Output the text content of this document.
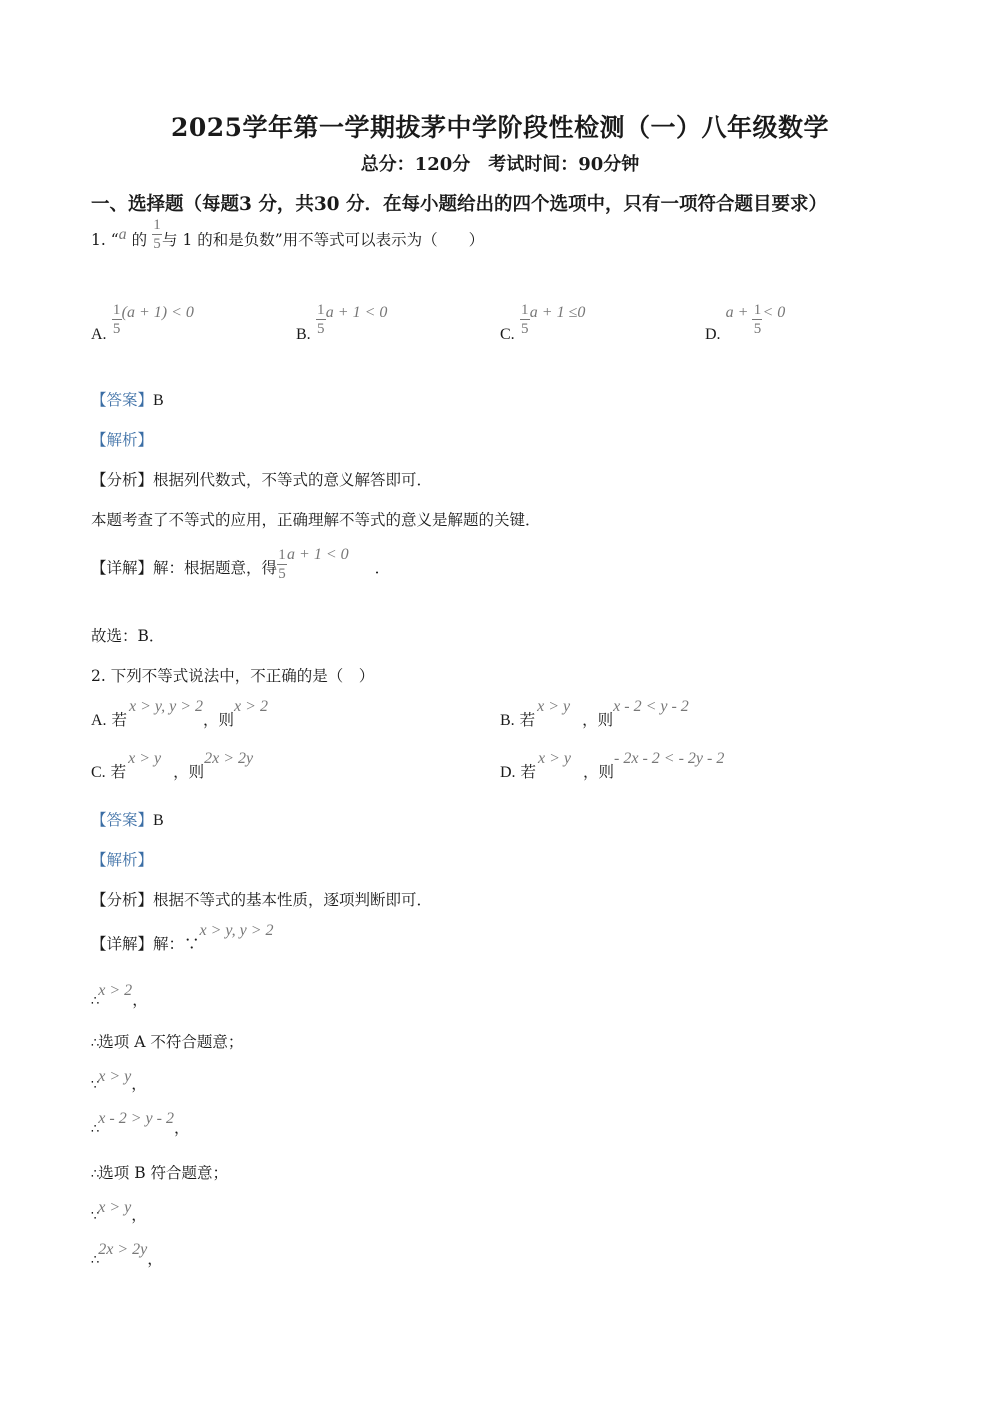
2025学年第一学期拔茅中学阶段性检测（一）八年级数学
总分：120分　考试时间：90分钟
一、选择题（每题3 分，共30 分．在每小题给出的四个选项中，只有一项符合题目要求）
1. “a 的 $\frac{1}{5}$ 与 1 的和是负数”用不等式可以表示为（　　）
A. $\frac{1}{5} (a + 1) < 0$
B. $\frac{1}{5}$ a + 1 < 0
C. $\frac{1}{5}$ a + 1 ≤0
D. $a + \frac{1}{5} < 0$
【答案】B
【解析】
【分析】根据列代数式，不等式的意义解答即可．
本题考查了不等式的应用，正确理解不等式的意义是解题的关键．
【详解】解：根据题意，得 $\frac{1}{5}$ a + 1 < 0．
故选：B．
2. 下列不等式说法中，不正确的是（　）
A. 若x > y, y > 2，则x > 2
B. 若x > y，则x - 2 < y - 2
C. 若x > y，则2x > 2y
D. 若x > y，则- 2x - 2 < - 2y - 2
【答案】B
【解析】
【分析】根据不等式的基本性质，逐项判断即可．
【详解】解：∵x > y, y > 2
$_\therefore$x > 2，
∴选项 A 不符合题意；
$_\because$x > y，
$_\therefore$x - 2 > y - 2，
∴选项 B 符合题意；
$_\because$x > y，
$_\therefore$2x > 2y，
